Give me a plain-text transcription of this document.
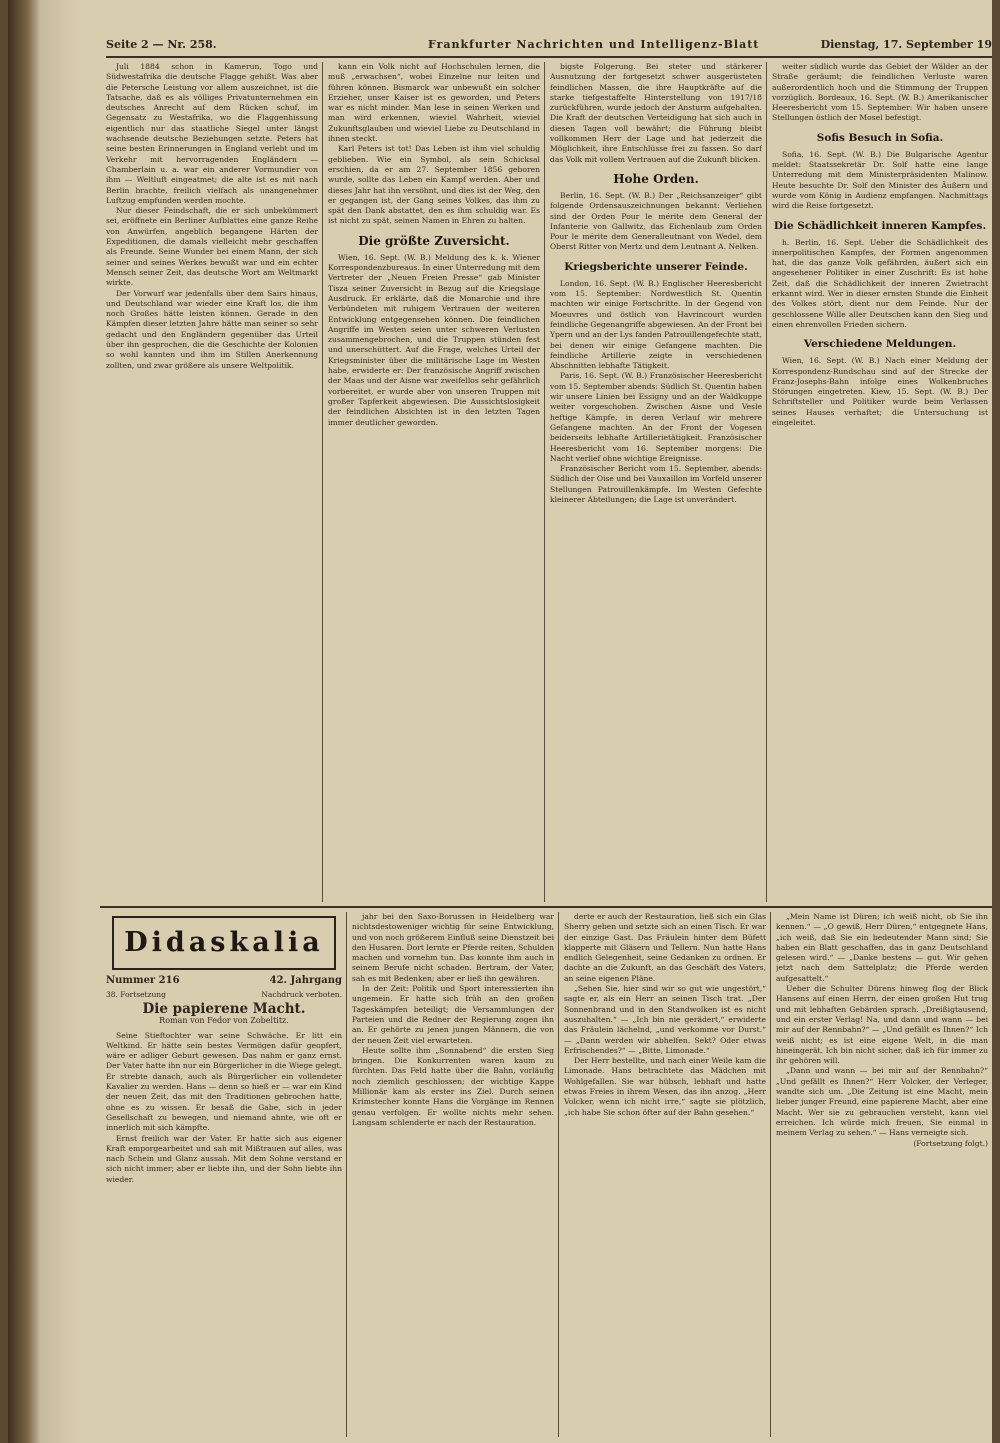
Seite 2 — Nr. 258.	Frankfurter Nachrichten und Intelligenz-Blatt	Dienstag, 17. September 19

Juli 1884 schon in Kamerun, Togo und Südwestafrika die deutsche Flagge gehißt. Was aber die Petersche Leistung vor allem auszeichnet, ist die Tatsache, daß es als völliges Privatunternehmen ein deutsches Anrecht auf dem Rücken schuf, im Gegensatz zu Westafrika, wo die Flaggenhissung eigentlich nur das staatliche Siegel unter längst wachsende deutsche Beziehungen setzte. Peters hat seine besten Erinnerungen in England verlebt und im Verkehr mit hervorragenden Engländern — Chamberlain u. a. war ein anderer Vormundier von ihm — Weltluft eingeatmet; die alte ist es mit nach Berlin brachte, freilich vielfach als unangenehmer Luftzug empfunden werden mochte.

Nur dieser Feindschaft, die er sich unbekümmert sei, eröffnete ein Berliner Aufblattes eine ganze Reihe von Anwürfen, angeblich begangene Härten der Expeditionen, die damals vielleicht mehr geschaffen als Freunde. Seine Wunder bei einem Mann, der sich seiner und seines Werkes bewußt war und ein echter Mensch seiner Zeit, das deutsche Wort am Weltmarkt wirkte.

Der Vorwurf war jedenfalls über dem Sairs hinaus, und Deutschland war wieder eine Kraft los, die ihm noch Großes hätte leisten können. Gerade in den Kämpfen dieser letzten Jahre hätte man seiner so sehr gedacht und den Engländern gegenüber das Urteil über ihn gesprochen, die die Geschichte der Kolonien so wohl kannten und ihm im Stillen Anerkennung zollten, und zwar größere als unsere Weltpolitik.

kann ein Volk nicht auf Hochschulen lernen, die muß „erwachsen“, wobei Einzelne nur leiten und führen können. Bismarck war unbewußt ein solcher Erzieher, unser Kaiser ist es geworden, und Peters war es nicht minder. Man lese in seinen Werken und man wird erkennen, wieviel Wahrheit, wieviel Zukunftsglauben und wieviel Liebe zu Deutschland in ihnen steckt.

Karl Peters ist tot! Das Leben ist ihm viel schuldig geblieben. Wie ein Symbol, als sein Schicksal erschien, da er am 27. September 1856 geboren wurde, sollte das Leben ein Kampf werden. Aber und dieses Jahr hat ihn versöhnt, und dies ist der Weg, den er gegangen ist, der Gang seines Volkes, das ihm zu spät den Dank abstattet, den es ihm schuldig war. Es ist nicht zu spät, seinen Namen in Ehren zu halten.

Die größte Zuversicht.

Wien, 16. Sept. (W. B.) Meldung des k. k. Wiener Korrespondenzbureaus. In einer Unterredung mit dem Vertreter der „Neuen Freien Presse“ gab Minister Tisza seiner Zuversicht in Bezug auf die Kriegslage Ausdruck. Er erklärte, daß die Monarchie und ihre Verbündeten mit ruhigem Vertrauen der weiteren Entwicklung entgegensehen können. Die feindlichen Angriffe im Westen seien unter schweren Verlusten zusammengebrochen, und die Truppen stünden fest und unerschüttert. Auf die Frage, welches Urteil der Kriegsminister über die militärische Lage im Westen habe, erwiderte er: Der französische Angriff zwischen der Maas und der Aisne war zweifellos sehr gefährlich vorbereitet, er wurde aber von unseren Truppen mit großer Tapferkeit abgewiesen. Die Aussichtslosigkeit der feindlichen Absichten ist in den letzten Tagen immer deutlicher geworden.

bigste Folgerung. Bei steter und stärkerer Ausnutzung der fortgesetzt schwer ausgerüsteten feindlichen Massen, die ihre Hauptkräfte auf die starke tiefgestaffelte Hinterstellung von 1917/18 zurückführen, wurde jedoch der Ansturm aufgehalten. Die Kraft der deutschen Verteidigung hat sich auch in diesen Tagen voll bewährt; die Führung bleibt vollkommen Herr der Lage und hat jederzeit die Möglichkeit, ihre Entschlüsse frei zu fassen. So darf das Volk mit vollem Vertrauen auf die Zukunft blicken.

Hohe Orden.

Berlin, 16. Sept. (W. B.) Der „Reichsanzeiger“ gibt folgende Ordensauszeichnungen bekannt: Verliehen sind der Orden Pour le mérite dem General der Infanterie von Gallwitz, das Eichenlaub zum Orden Pour le mérite dem Generalleutnant von Wedel, dem Oberst Ritter von Mertz und dem Leutnant A. Nelken.

Kriegsberichte unserer Feinde.

London, 16. Sept. (W. B.) Englischer Heeresbericht vom 15. September: Nordwestlich St. Quentin machten wir einige Fortschritte. In der Gegend von Moeuvres und östlich von Havrincourt wurden feindliche Gegenangriffe abgewiesen. An der Front bei Ypern und an der Lys fanden Patrouillengefechte statt, bei denen wir einige Gefangene machten. Die feindliche Artillerie zeigte in verschiedenen Abschnitten lebhafte Tätigkeit.

Paris, 16. Sept. (W. B.) Französischer Heeresbericht vom 15. September abends: Südlich St. Quentin haben wir unsere Linien bei Essigny und an der Waldkuppe weiter vorgeschoben. Zwischen Aisne und Vesle heftige Kämpfe, in deren Verlauf wir mehrere Gefangene machten. An der Front der Vogesen beiderseits lebhafte Artillerietätigkeit. Französischer Heeresbericht vom 16. September morgens: Die Nacht verlief ohne wichtige Ereignisse.

Französischer Bericht vom 15. September, abends: Südlich der Oise und bei Vauxaillon im Vorfeld unserer Stellungen Patrouillenkämpfe. Im Westen Gefechte kleinerer Abteilungen; die Lage ist unverändert.

weiter südlich wurde das Gebiet der Wälder an der Straße geräumt; die feindlichen Verluste waren außerordentlich hoch und die Stimmung der Truppen vorzüglich. Bordeaux, 16. Sept. (W. B.) Amerikanischer Heeresbericht vom 15. September: Wir haben unsere Stellungen östlich der Mosel befestigt.

Sofis Besuch in Sofia.

Sofia, 16. Sept. (W. B.) Die Bulgarische Agentur meldet: Staatssekretär Dr. Solf hatte eine lange Unterredung mit dem Ministerpräsidenten Malinow. Heute besuchte Dr. Solf den Minister des Äußern und wurde vom König in Audienz empfangen. Nachmittags wird die Reise fortgesetzt.

Die Schädlichkeit inneren Kampfes.

h. Berlin, 16. Sept. Ueber die Schädlichkeit des innerpolitischen Kampfes, der Formen angenommen hat, die das ganze Volk gefährden, äußert sich ein angesehener Politiker in einer Zuschrift: Es ist hohe Zeit, daß die Schädlichkeit der inneren Zwietracht erkannt wird. Wer in dieser ernsten Stunde die Einheit des Volkes stört, dient nur dem Feinde. Nur der geschlossene Wille aller Deutschen kann den Sieg und einen ehrenvollen Frieden sichern.

Verschiedene Meldungen.

Wien, 16. Sept. (W. B.) Nach einer Meldung der Korrespondenz-Rundschau sind auf der Strecke der Franz-Josephs-Bahn infolge eines Wolkenbruches Störungen eingetreten. Kiew, 15. Sept. (W. B.) Der Schriftsteller und Politiker wurde beim Verlassen seines Hauses verhaftet; die Untersuchung ist eingeleitet.

Didaskalia
Nummer 216	42. Jahrgang
38. Fortsetzung	Nachdruck verboten.
Die papierene Macht.
Roman von Fedor von Zobeltitz.

Seine Stieftochter war seine Schwäche. Er litt ein Weltkind. Er hätte sein bestes Vermögen dafür geopfert, wäre er adliger Geburt gewesen. Das nahm er ganz ernst. Der Vater hatte ihn nur ein Bürgerlicher in die Wiege gelegt. Er strebte danach, auch als Bürgerlicher ein vollendeter Kavalier zu werden. Hans — denn so hieß er — war ein Kind der neuen Zeit, das mit den Traditionen gebrochen hatte, ohne es zu wissen. Er besaß die Gabe, sich in jeder Gesellschaft zu bewegen, und niemand ahnte, wie oft er innerlich mit sich kämpfte.

Ernst freilich war der Vater. Er hatte sich aus eigener Kraft emporgearbeitet und sah mit Mißtrauen auf alles, was nach Schein und Glanz aussah. Mit dem Sohne verstand er sich nicht immer; aber er liebte ihn, und der Sohn liebte ihn wieder.

jahr bei den Saxo-Borussen in Heidelberg war nichtsdestoweniger wichtig für seine Entwicklung, und von noch größerem Einfluß seine Dienstzeit bei den Husaren. Dort lernte er Pferde reiten, Schulden machen und vornehm tun. Das konnte ihm auch in seinem Berufe nicht schaden. Bertram, der Vater, sah es mit Bedenken; aber er ließ ihn gewähren.

In der Zeit: Politik und Sport interessierten ihn ungemein. Er hatte sich früh an den großen Tageskämpfen beteiligt; die Versammlungen der Parteien und die Redner der Regierung zogen ihn an. Er gehörte zu jenen jungen Männern, die von der neuen Zeit viel erwarteten.

Heute sollte ihm „Sonnabend“ die ersten Sieg bringen. Die Konkurrenten waren kaum zu fürchten. Das Feld hatte über die Bahn, vorläufig noch ziemlich geschlossen; der wichtige Kappe Millionär kam als erster ins Ziel. Durch seinen Krimstecher konnte Hans die Vorgänge im Rennen genau verfolgen. Er wollte nichts mehr sehen. Langsam schlenderte er nach der Restauration.

derte er auch der Restauration, ließ sich ein Glas Sherry geben und setzte sich an einen Tisch. Er war der einzige Gast. Das Fräulein hinter dem Büfett klapperte mit Gläsern und Tellern. Nun hatte Hans endlich Gelegenheit, seine Gedanken zu ordnen. Er dachte an die Zukunft, an das Geschäft des Vaters, an seine eigenen Pläne.

„Sehen Sie, hier sind wir so gut wie ungestört,“ sagte er, als ein Herr an seinen Tisch trat. „Der Sonnenbrand und in den Standwolken ist es nicht auszuhalten.“ — „Ich bin nie gerädert,“ erwiderte das Fräulein lächelnd, „und verkomme vor Durst.“ — „Dann werden wir abhelfen. Sekt? Oder etwas Erfrischendes?“ — „Bitte, Limonade.“

Der Herr bestellte, und nach einer Weile kam die Limonade. Hans betrachtete das Mädchen mit Wohlgefallen. Sie war hübsch, lebhaft und hatte etwas Freies in ihrem Wesen, das ihn anzog. „Herr Volcker, wenn ich nicht irre,“ sagte sie plötzlich, „ich habe Sie schon öfter auf der Bahn gesehen.“

„Mein Name ist Düren; ich weiß nicht, ob Sie ihn kennen.“ — „O gewiß, Herr Düren,“ entgegnete Hans, „ich weiß, daß Sie ein bedeutender Mann sind; Sie haben ein Blatt geschaffen, das in ganz Deutschland gelesen wird.“ — „Danke bestens — gut. Wir gehen jetzt nach dem Sattelplatz; die Pferde werden aufgesattelt.“

Ueber die Schulter Dürens hinweg flog der Blick Hansens auf einen Herrn, der einen großen Hut trug und mit lebhaften Gebärden sprach. „Dreißigtausend, und ein erster Verlag! Na, und dann und wann — bei mir auf der Rennbahn?“ — „Und gefällt es Ihnen?“ Ich weiß nicht; es ist eine eigene Welt, in die man hineingerät. Ich bin nicht sicher, daß ich für immer zu ihr gehören will.

„Dann und wann — bei mir auf der Rennbahn?“ „Und gefällt es Ihnen?“ Herr Volcker, der Verleger, wandte sich um. „Die Zeitung ist eine Macht, mein lieber junger Freund, eine papierene Macht, aber eine Macht. Wer sie zu gebrauchen versteht, kann viel erreichen. Ich würde mich freuen, Sie einmal in meinem Verlag zu sehen.“ — Hans verneigte sich.

(Fortsetzung folgt.)
